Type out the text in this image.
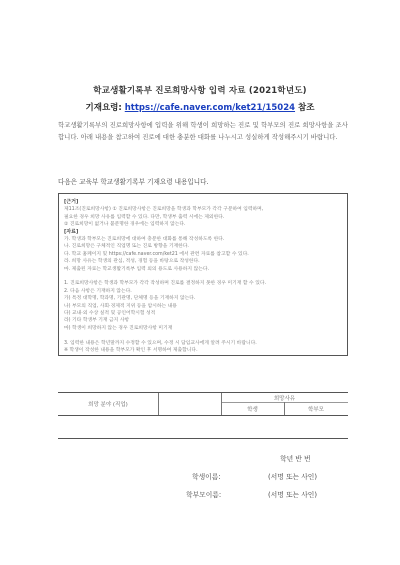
학교생활기록부 진로희망사항 입력 자료 (2021학년도)
기재요령: https://cafe.naver.com/ket21/15024 참조
학교생활기록부의 진로희망사항에 입력을 위해 학생이 희망하는 진로 및 학부모의 진로 희망사항을 조사합니다. 아래 내용을 참고하여 진로에 대한 충분한 대화를 나누시고 성실하게 작성해주시기 바랍니다.
다음은 교육부 학교생활기록부 기재요령 내용입니다.
[근거]
제11조(진로희망사항) ① 진로희망사항은 진로희망을 학생과 학부모가 각각 구분하여 입력하며,
필요한 경우 희망 사유를 입력할 수 있다. 다만, 학생부 출력 시에는 제외한다.
② 진로희망이 없거나 불분명한 경우에는 입력하지 않는다.
[자료]
가. 학생과 학부모는 진로희망에 대하여 충분한 대화를 통해 작성하도록 한다.
나. 진로희망은 구체적인 직업명 또는 진로 방향을 기재한다.
다. 학교 홈페이지 및 https://cafe.naver.com/ket21 에서 관련 자료를 참고할 수 있다.
라. 희망 사유는 학생의 관심, 적성, 경험 등을 바탕으로 작성한다.
마. 제출된 자료는 학교생활기록부 입력 외의 용도로 사용하지 않는다.
1. 진로희망사항은 학생과 학부모가 각각 작성하며 진로를 결정하지 못한 경우 미기재 할 수 있다.
2. 다음 사항은 기재하지 않는다.
가) 특정 대학명, 학과명, 기관명, 단체명 등을 기재하지 않는다.
나) 부모의 직업, 사회·경제적 지위 등을 암시하는 내용
다) 교내·외 수상 실적 및 공인어학시험 성적
라) 기타 학생부 기재 금지 사항
마) 학생이 희망하지 않는 경우 진로희망사항 미기재
3. 입력한 내용은 학년말까지 수정할 수 있으며, 수정 시 담임교사에게 알려 주시기 바랍니다.
※ 학생이 작성한 내용을 학부모가 확인 후 서명하여 제출합니다.
희망 분야 (직업)
희망사유
학생	학부모
학년 반 번
학생이름:	(서명 또는 사인)
학부모이름:	(서명 또는 사인)
